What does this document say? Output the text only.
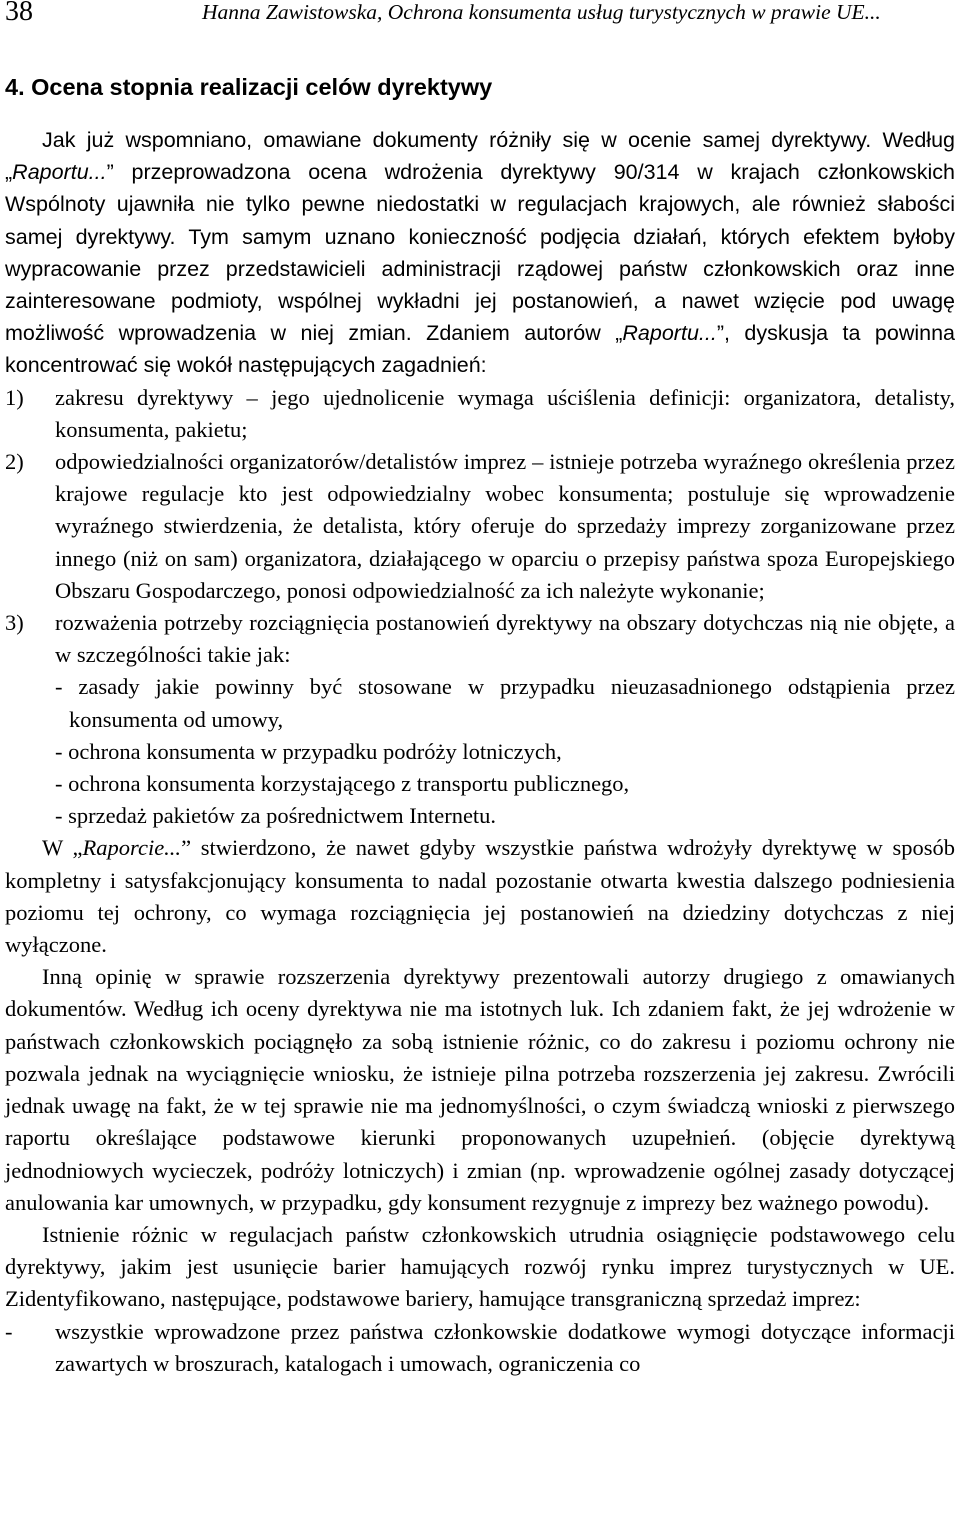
38	Hanna Zawistowska, Ochrona konsumenta usług turystycznych w prawie UE...
4. Ocena stopnia realizacji celów dyrektywy

Jak już wspomniano, omawiane dokumenty różniły się w ocenie samej dyrektywy. Według „Raportu...” przeprowadzona ocena wdrożenia dyrektywy 90/314 w krajach członkowskich Wspólnoty ujawniła nie tylko pewne niedostatki w regulacjach krajowych, ale również słabości samej dyrektywy. Tym samym uznano konieczność podjęcia działań, których efektem byłoby wypracowanie przez przedstawicieli administracji rządowej państw członkowskich oraz inne zainteresowane podmioty, wspólnej wykładni jej postanowień, a nawet wzięcie pod uwagę możliwość wprowadzenia w niej zmian. Zdaniem autorów „Raportu...”, dyskusja ta powinna koncentrować się wokół następujących zagadnień:

1)	zakresu dyrektywy – jego ujednolicenie wymaga uściślenia definicji: organizatora, detalisty, konsumenta, pakietu;
2)	odpowiedzialności organizatorów/detalistów imprez – istnieje potrzeba wyraźnego określenia przez krajowe regulacje kto jest odpowiedzialny wobec konsumenta; postuluje się wprowadzenie wyraźnego stwierdzenia, że detalista, który oferuje do sprzedaży imprezy zorganizowane przez innego (niż on sam) organizatora, działającego w oparciu o przepisy państwa spoza Europejskiego Obszaru Gospodarczego, ponosi odpowiedzialność za ich należyte wykonanie;
3)	rozważenia potrzeby rozciągnięcia postanowień dyrektywy na obszary dotychczas nią nie objęte, a w szczególności takie jak:

- zasady jakie powinny być stosowane w przypadku nieuzasadnionego odstąpienia przez konsumenta od umowy,

- ochrona konsumenta w przypadku podróży lotniczych,

- ochrona konsumenta korzystającego z transportu publicznego,

- sprzedaż pakietów za pośrednictwem Internetu.

W „Raporcie...” stwierdzono, że nawet gdyby wszystkie państwa wdrożyły dyrektywę w sposób kompletny i satysfakcjonujący konsumenta to nadal pozostanie otwarta kwestia dalszego podniesienia poziomu tej ochrony, co wymaga rozciągnięcia jej postanowień na dziedziny dotychczas z niej wyłączone.

Inną opinię w sprawie rozszerzenia dyrektywy prezentowali autorzy drugiego z omawianych dokumentów. Według ich oceny dyrektywa nie ma istotnych luk. Ich zdaniem fakt, że jej wdrożenie w państwach członkowskich pociągnęło za sobą istnienie różnic, co do zakresu i poziomu ochrony nie pozwala jednak na wyciągnięcie wniosku, że istnieje pilna potrzeba rozszerzenia jej zakresu. Zwrócili jednak uwagę na fakt, że w tej sprawie nie ma jednomyślności, o czym świadczą wnioski z pierwszego raportu określające podstawowe kierunki proponowanych uzupełnień. (objęcie dyrektywą jednodniowych wycieczek, podróży lotniczych) i zmian (np. wprowadzenie ogólnej zasady dotyczącej anulowania kar umownych, w przypadku, gdy konsument rezygnuje z imprezy bez ważnego powodu).

Istnienie różnic w regulacjach państw członkowskich utrudnia osiągnięcie podstawowego celu dyrektywy, jakim jest usunięcie barier hamujących rozwój rynku imprez turystycznych w UE. Zidentyfikowano, następujące, podstawowe bariery, hamujące transgraniczną sprzedaż imprez:

-	wszystkie wprowadzone przez państwa członkowskie dodatkowe wymogi dotyczące informacji zawartych w broszurach, katalogach i umowach, ograniczenia co
